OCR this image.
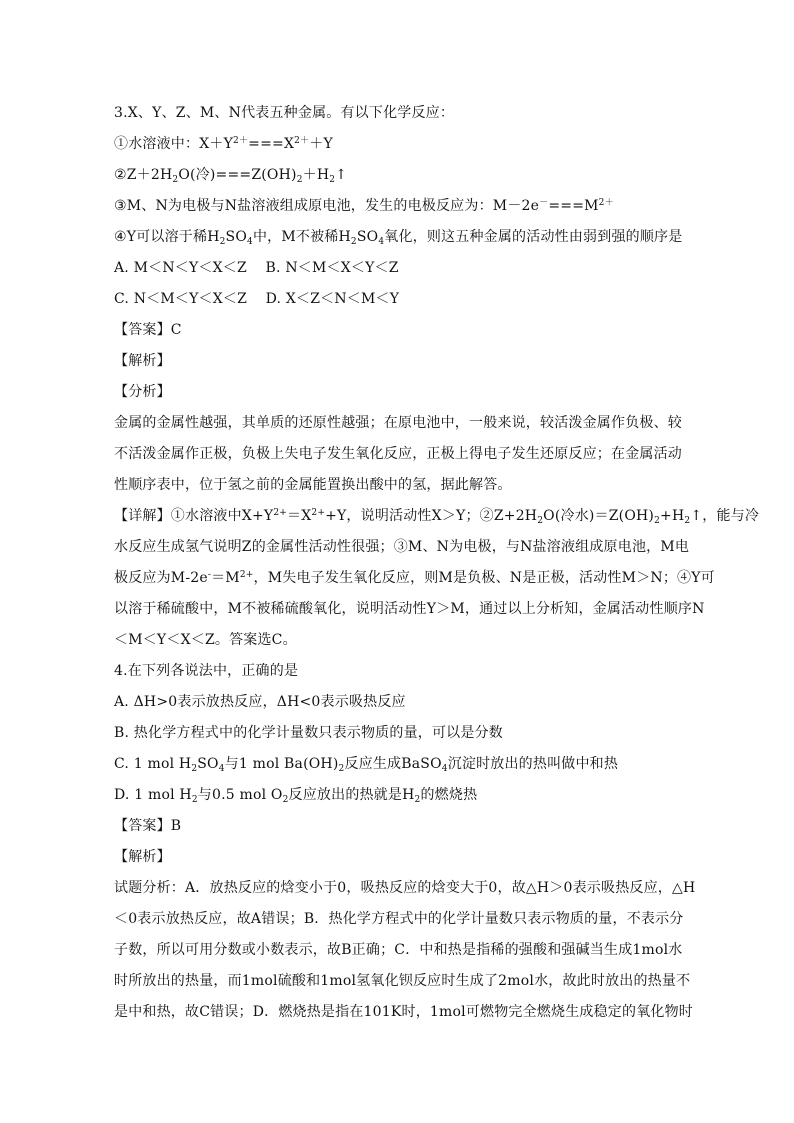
3.X、Y、Z、M、N代表五种金属。有以下化学反应：
①水溶液中：$X+Y^{2+}===X^{2+}+Y$
$②Z+2H_2O$(冷)$===Z(OH)_2+H_2↑$
③M、N为电极与N盐溶液组成原电池，发生的电极反应为：$M-2e^-===M^{2+}$
④Y可以溶于稀$H_2SO_4$中，M不被稀$H_2SO_4$氧化，则这五种金属的活动性由弱到强的顺序是
A. M＜N＜Y＜X＜Z    B. N＜M＜X＜Y＜Z
C. N＜M＜Y＜X＜Z    D. X＜Z＜N＜M＜Y
【答案】C
【解析】
【分析】
金属的金属性越强，其单质的还原性越强；在原电池中，一般来说，较活泼金属作负极、较
不活泼金属作正极，负极上失电子发生氧化反应，正极上得电子发生还原反应；在金属活动
性顺序表中，位于氢之前的金属能置换出酸中的氢，据此解答。
【详解】①水溶液中$X+Y^{2+}=X^{2+}+Y$，说明活动性X＞Y；$②Z+2H_2O$(冷水)$=Z(OH)_2+H_2↑$，能与冷
水反应生成氢气说明Z的金属性活动性很强；③M、N为电极，与N盐溶液组成原电池，M电
极反应为$M-2e^-=M^{2+}$，M失电子发生氧化反应，则M是负极、N是正极，活动性M＞N；④Y可
以溶于稀硫酸中，M不被稀硫酸氧化，说明活动性Y＞M，通过以上分析知，金属活动性顺序N
＜M＜Y＜X＜Z。答案选C。
4.在下列各说法中，正确的是
A. ΔH>0表示放热反应，ΔH<0表示吸热反应
B. 热化学方程式中的化学计量数只表示物质的量，可以是分数
C. 1 mol $H_2SO_4$与1 mol $Ba(OH)_2$反应生成BaSO$_4$沉淀时放出的热叫做中和热
D. 1 mol $H_2$与0.5 mol $O_2$反应放出的热就是$H_2$的燃烧热
【答案】B
【解析】
试题分析：A．放热反应的焓变小于0，吸热反应的焓变大于0，故△H＞0表示吸热反应，△H
＜0表示放热反应，故A错误；B．热化学方程式中的化学计量数只表示物质的量，不表示分
子数，所以可用分数或小数表示，故B正确；C．中和热是指稀的强酸和强碱当生成1mol水
时所放出的热量，而1mol硫酸和1mol氢氧化钡反应时生成了2mol水，故此时放出的热量不
是中和热，故C错误；D．燃烧热是指在101K时，1mol可燃物完全燃烧生成稳定的氧化物时
